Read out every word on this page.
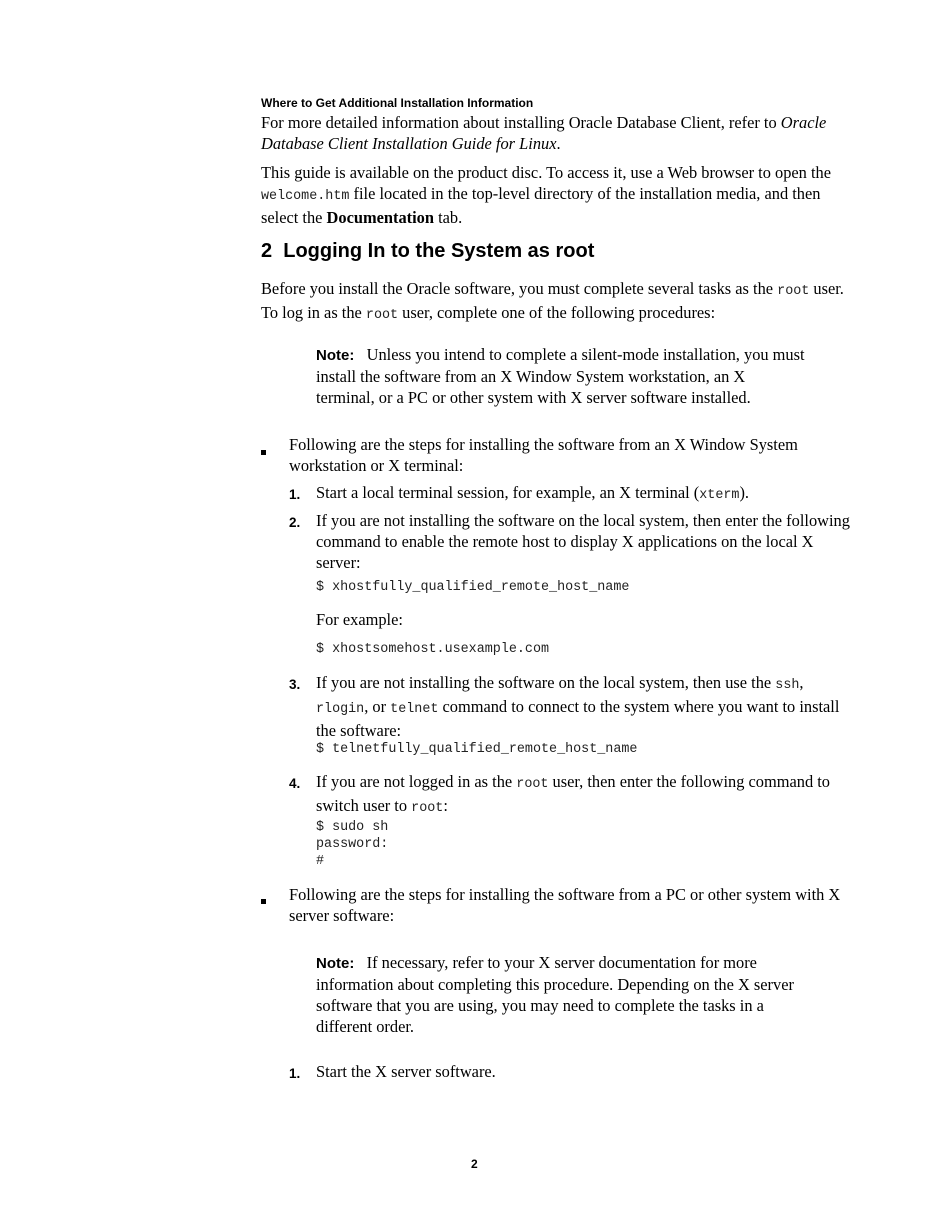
Where to Get Additional Installation Information

For more detailed information about installing Oracle Database Client, refer to Oracle Database Client Installation Guide for Linux.

This guide is available on the product disc. To access it, use a Web browser to open the welcome.htm file located in the top-level directory of the installation media, and then select the Documentation tab.

2  Logging In to the System as root

Before you install the Oracle software, you must complete several tasks as the root user. To log in as the root user, complete one of the following procedures:

Note: Unless you intend to complete a silent-mode installation, you must install the software from an X Window System workstation, an X terminal, or a PC or other system with X server software installed.

Following are the steps for installing the software from an X Window System workstation or X terminal:

1. Start a local terminal session, for example, an X terminal (xterm).

2. If you are not installing the software on the local system, then enter the following command to enable the remote host to display X applications on the local X server:

$ xhostfully_qualified_remote_host_name

For example:

$ xhostsomehost.usexample.com
3. If you are not installing the software on the local system, then use the ssh, rlogin, or telnet command to connect to the system where you want to install the software:

$ telnetfully_qualified_remote_host_name
4. If you are not logged in as the root user, then enter the following command to switch user to root:

$ sudo sh
password:
#

Following are the steps for installing the software from a PC or other system with X server software:

Note: If necessary, refer to your X server documentation for more information about completing this procedure. Depending on the X server software that you are using, you may need to complete the tasks in a different order.

1. Start the X server software.

2
